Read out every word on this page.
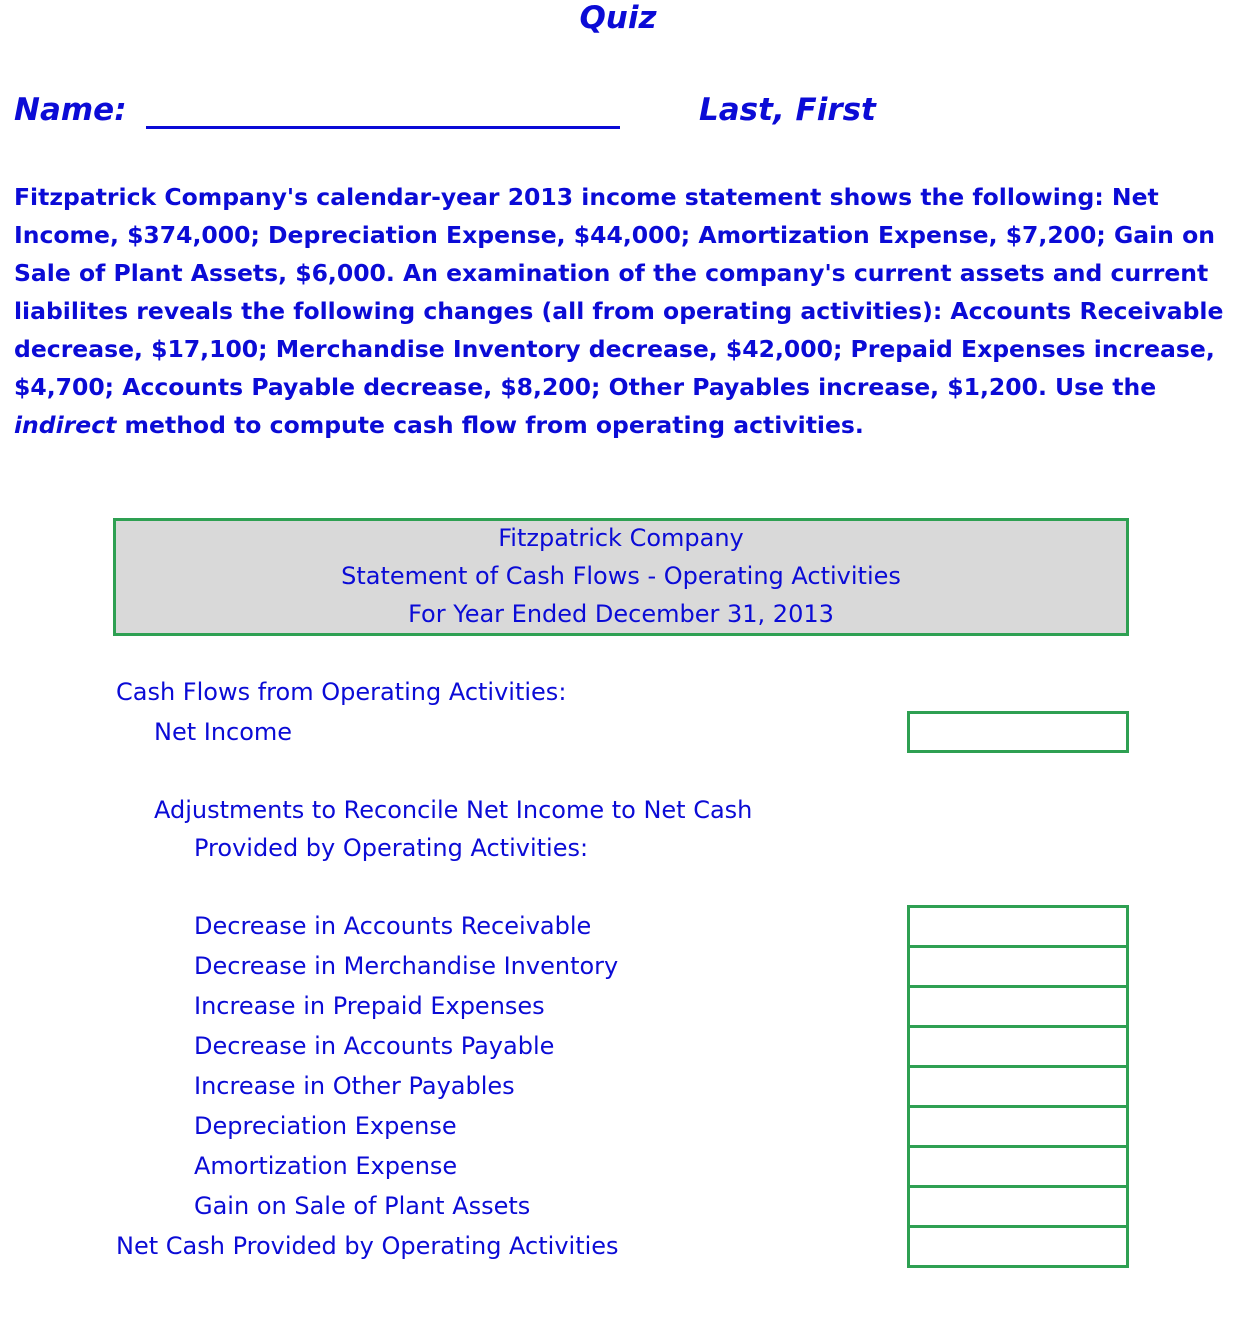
Quiz
Name:	Last, First
Fitzpatrick Company's calendar-year 2013 income statement shows the following: Net Income, $374,000; Depreciation Expense, $44,000; Amortization Expense, $7,200; Gain on Sale of Plant Assets, $6,000. An examination of the company's current assets and current liabilites reveals the following changes (all from operating activities): Accounts Receivable decrease, $17,100; Merchandise Inventory decrease, $42,000; Prepaid Expenses increase, $4,700; Accounts Payable decrease, $8,200; Other Payables increase, $1,200. Use the indirect method to compute cash flow from operating activities.
Fitzpatrick Company
Statement of Cash Flows - Operating Activities
For Year Ended December 31, 2013
Cash Flows from Operating Activities:
Net Income
Adjustments to Reconcile Net Income to Net Cash
Provided by Operating Activities:
Decrease in Accounts Receivable
Decrease in Merchandise Inventory
Increase in Prepaid Expenses
Decrease in Accounts Payable
Increase in Other Payables
Depreciation Expense
Amortization Expense
Gain on Sale of Plant Assets
Net Cash Provided by Operating Activities
